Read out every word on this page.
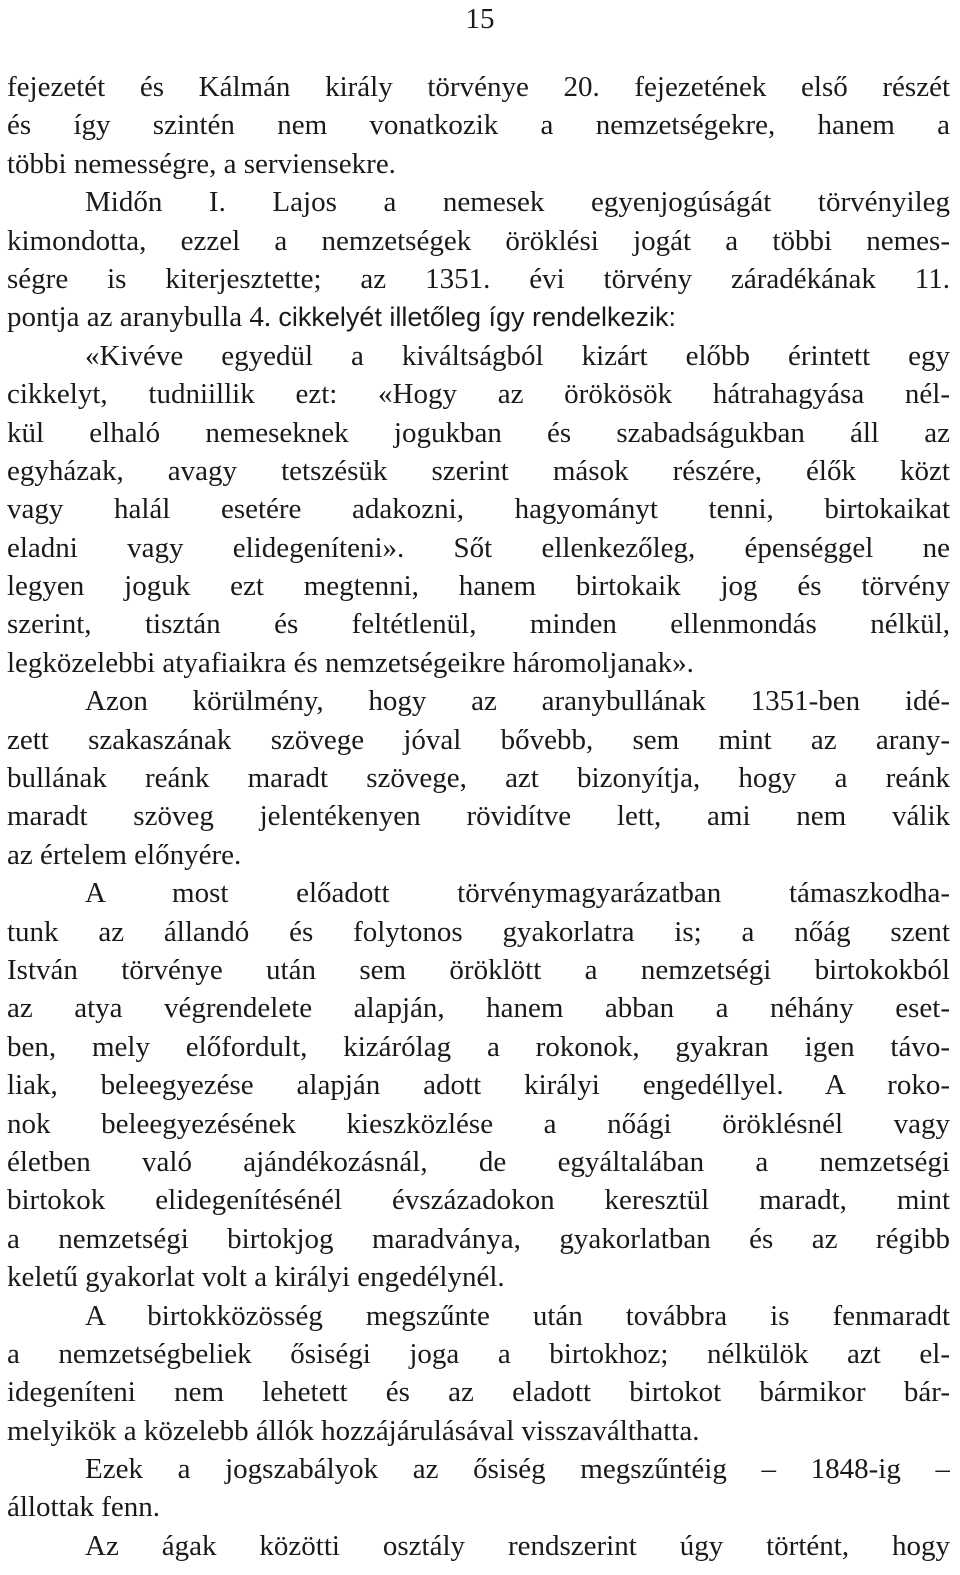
15
fejezetét és Kálmán király törvénye 20. fejezetének első részét
és így szintén nem vonatkozik a nemzetségekre, hanem a
többi nemességre, a serviensekre.
Midőn I. Lajos a nemesek egyenjogúságát törvényileg
kimondotta, ezzel a nemzetségek öröklési jogát a többi nemes-
ségre is kiterjesztette; az 1351. évi törvény záradékának 11.
pontja az aranybulla 4. cikkelyét illetőleg így rendelkezik:
«Kivéve egyedül a kiváltságból kizárt előbb érintett egy
cikkelyt, tudniillik ezt: «Hogy az örökösök hátrahagyása nél-
kül elhaló nemeseknek jogukban és szabadságukban áll az
egyházak, avagy tetszésük szerint mások részére, élők közt
vagy halál esetére adakozni, hagyományt tenni, birtokaikat
eladni vagy elidegeníteni». Sőt ellenkezőleg, épenséggel ne
legyen joguk ezt megtenni, hanem birtokaik jog és törvény
szerint, tisztán és feltétlenül, minden ellenmondás nélkül,
legközelebbi atyafiaikra és nemzetségeikre háromoljanak».
Azon körülmény, hogy az aranybullának 1351-ben idé-
zett szakaszának szövege jóval bővebb, sem mint az arany-
bullának reánk maradt szövege, azt bizonyítja, hogy a reánk
maradt szöveg jelentékenyen rövidítve lett, ami nem válik
az értelem előnyére.
A most előadott törvénymagyarázatban támaszkodha-
tunk az állandó és folytonos gyakorlatra is; a nőág szent
István törvénye után sem öröklött a nemzetségi birtokokból
az atya végrendelete alapján, hanem abban a néhány eset-
ben, mely előfordult, kizárólag a rokonok, gyakran igen távo-
liak, beleegyezése alapján adott királyi engedéllyel. A roko-
nok beleegyezésének kieszközlése a nőági öröklésnél vagy
életben való ajándékozásnál, de egyáltalában a nemzetségi
birtokok elidegenítésénél évszázadokon keresztül maradt, mint
a nemzetségi birtokjog maradványa, gyakorlatban és az régibb
keletű gyakorlat volt a királyi engedélynél.
A birtokközösség megszűnte után továbbra is fenmaradt
a nemzetségbeliek ősiségi joga a birtokhoz; nélkülök azt el-
idegeníteni nem lehetett és az eladott birtokot bármikor bár-
melyikök a közelebb állók hozzájárulásával visszaválthatta.
Ezek a jogszabályok az ősiség megszűntéig – 1848-ig –
állottak fenn.
Az ágak közötti osztály rendszerint úgy történt, hogy
